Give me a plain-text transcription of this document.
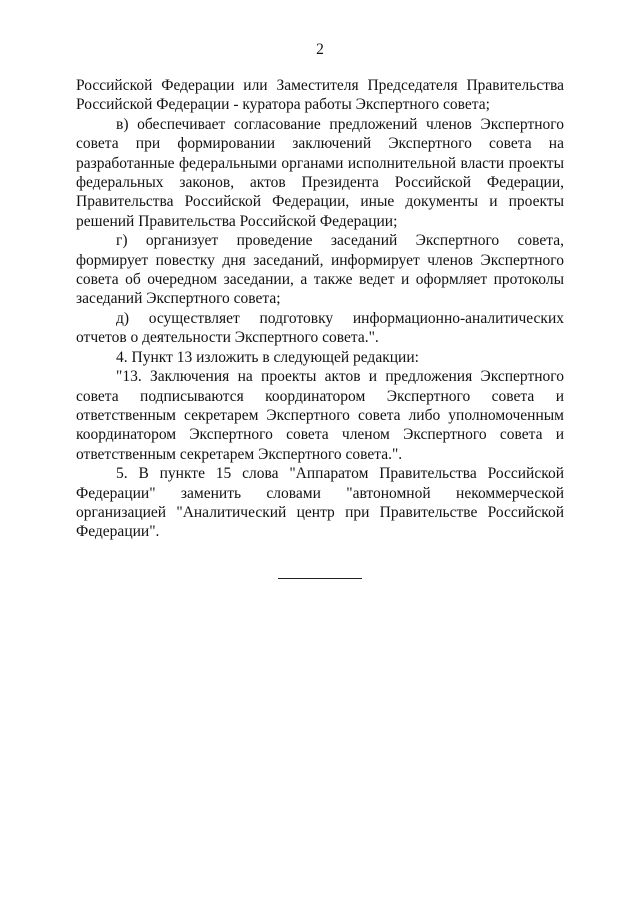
2

Российской Федерации или Заместителя Председателя Правительства Российской Федерации - куратора работы Экспертного совета;

в) обеспечивает согласование предложений членов Экспертного совета при формировании заключений Экспертного совета на разработанные федеральными органами исполнительной власти проекты федеральных законов, актов Президента Российской Федерации, Правительства Российской Федерации, иные документы и проекты решений Правительства Российской Федерации;

г) организует проведение заседаний Экспертного совета, формирует повестку дня заседаний, информирует членов Экспертного совета об очередном заседании, а также ведет и оформляет протоколы заседаний Экспертного совета;

д) осуществляет подготовку информационно-аналитических отчетов о деятельности Экспертного совета.".

4. Пункт 13 изложить в следующей редакции:

"13. Заключения на проекты актов и предложения Экспертного совета подписываются координатором Экспертного совета и ответственным секретарем Экспертного совета либо уполномоченным координатором Экспертного совета членом Экспертного совета и ответственным секретарем Экспертного совета.".

5. В пункте 15 слова "Аппаратом Правительства Российской Федерации" заменить словами "автономной некоммерческой организацией "Аналитический центр при Правительстве Российской Федерации".
